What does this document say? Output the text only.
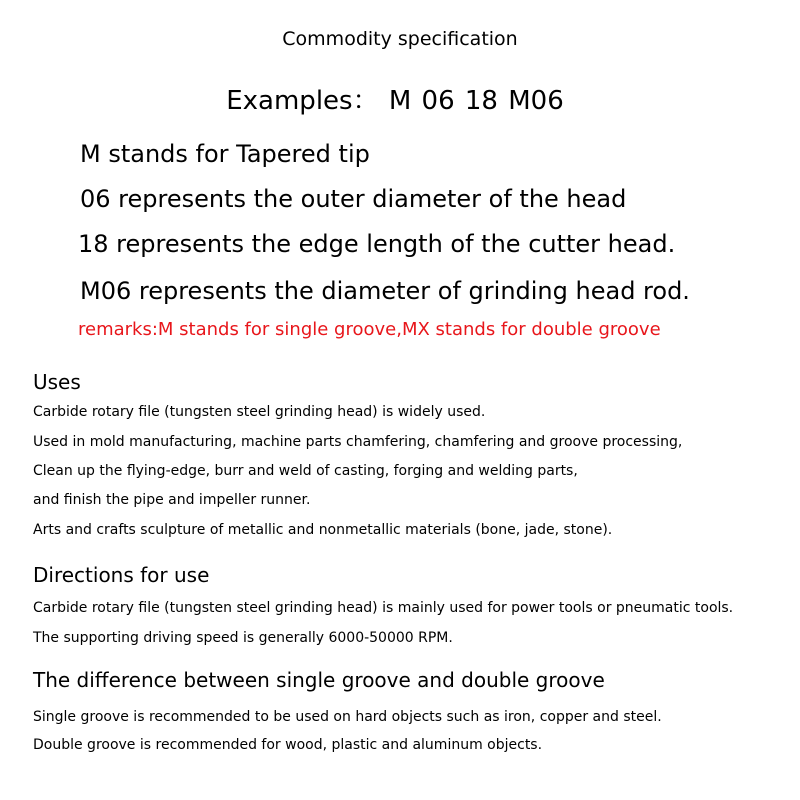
Commodity specification
Examples： M 06 18 M06
M stands for Tapered tip
06 represents the outer diameter of the head
18 represents the edge length of the cutter head.
M06 represents the diameter of grinding head rod.
remarks:M stands for single groove,MX stands for double groove
Uses
Carbide rotary file (tungsten steel grinding head) is widely used.
Used in mold manufacturing, machine parts chamfering, chamfering and groove processing,
Clean up the flying-edge, burr and weld of casting, forging and welding parts,
and finish the pipe and impeller runner.
Arts and crafts sculpture of metallic and nonmetallic materials (bone, jade, stone).
Directions for use
Carbide rotary file (tungsten steel grinding head) is mainly used for power tools or pneumatic tools.
The supporting driving speed is generally 6000-50000 RPM.
The difference between single groove and double groove
Single groove is recommended to be used on hard objects such as iron, copper and steel.
Double groove is recommended for wood, plastic and aluminum objects.
